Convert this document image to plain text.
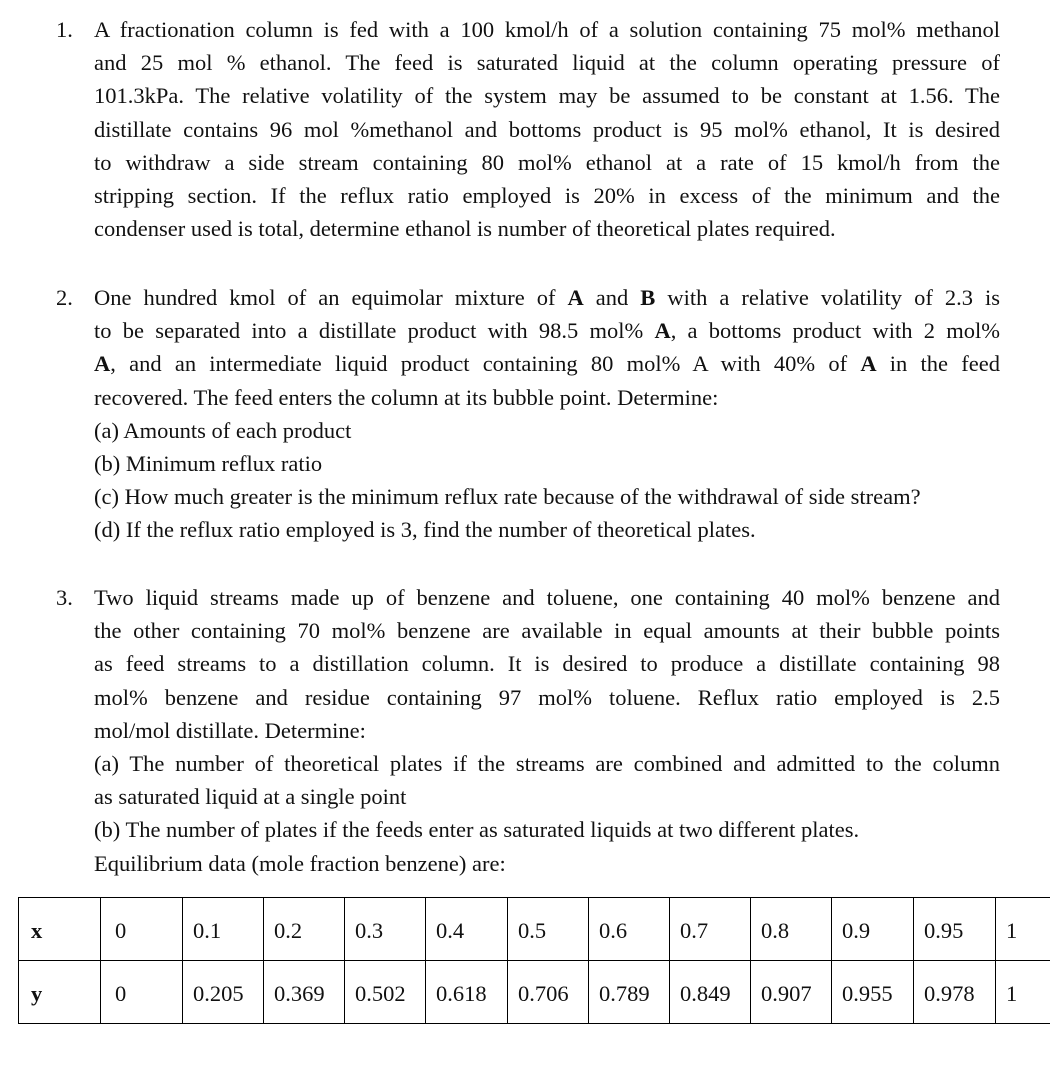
1. A fractionation column is fed with a 100 kmol/h of a solution containing 75 mol% methanol
and 25 mol % ethanol. The feed is saturated liquid at the column operating pressure of
101.3kPa. The relative volatility of the system may be assumed to be constant at 1.56. The
distillate contains 96 mol %methanol and bottoms product is 95 mol% ethanol, It is desired
to withdraw a side stream containing 80 mol% ethanol at a rate of 15 kmol/h from the
stripping section. If the reflux ratio employed is 20% in excess of the minimum and the
condenser used is total, determine ethanol is number of theoretical plates required.
2. One hundred kmol of an equimolar mixture of A and B with a relative volatility of 2.3 is
to be separated into a distillate product with 98.5 mol% A, a bottoms product with 2 mol%
A, and an intermediate liquid product containing 80 mol% A with 40% of A in the feed
recovered. The feed enters the column at its bubble point. Determine:
(a) Amounts of each product
(b) Minimum reflux ratio
(c) How much greater is the minimum reflux rate because of the withdrawal of side stream?
(d) If the reflux ratio employed is 3, find the number of theoretical plates.
3. Two liquid streams made up of benzene and toluene, one containing 40 mol% benzene and
the other containing 70 mol% benzene are available in equal amounts at their bubble points
as feed streams to a distillation column. It is desired to produce a distillate containing 98
mol% benzene and residue containing 97 mol% toluene. Reflux ratio employed is 2.5
mol/mol distillate. Determine:
(a) The number of theoretical plates if the streams are combined and admitted to the column
as saturated liquid at a single point
(b) The number of plates if the feeds enter as saturated liquids at two different plates.
Equilibrium data (mole fraction benzene) are:
x	0	0.1	0.2	0.3	0.4	0.5	0.6	0.7	0.8	0.9	0.95	1
y	0	0.205	0.369	0.502	0.618	0.706	0.789	0.849	0.907	0.955	0.978	1
